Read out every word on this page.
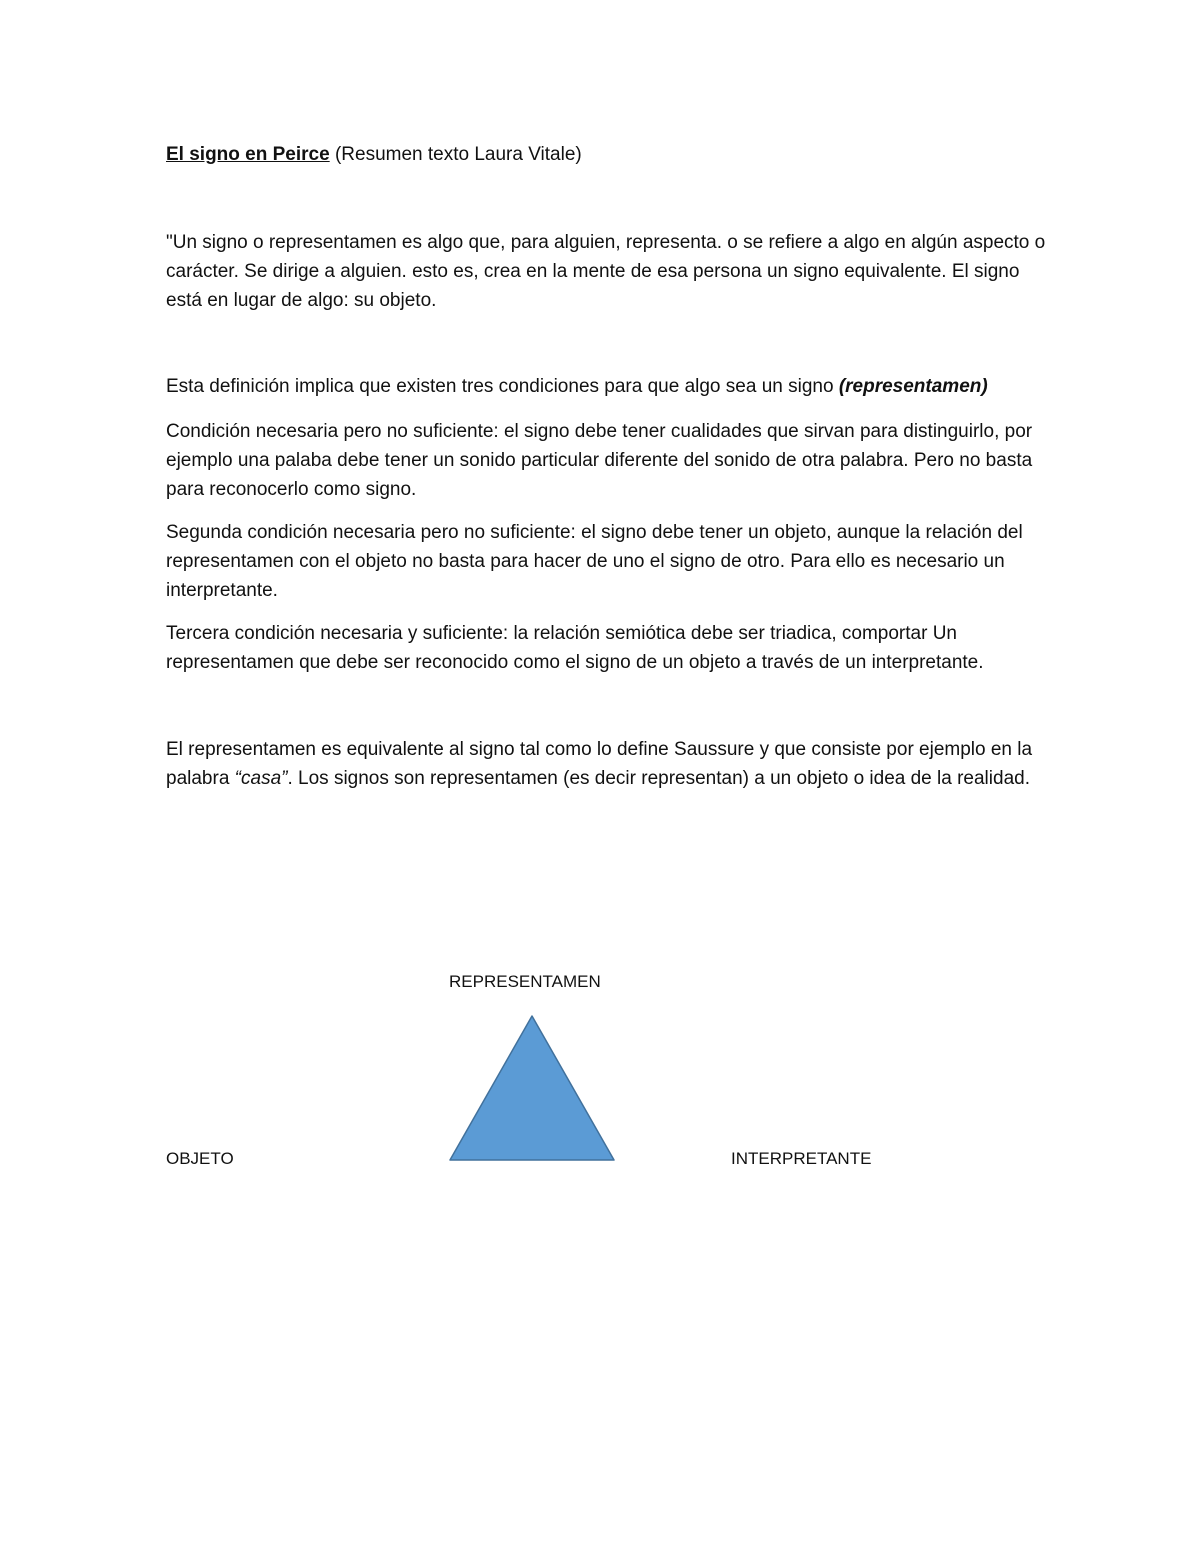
El signo en Peirce (Resumen texto Laura Vitale)

"Un signo o representamen es algo que, para alguien, representa. o se refiere a algo en algún aspecto o carácter. Se dirige a alguien. esto es, crea en la mente de esa persona un signo equivalente. El signo está en lugar de algo: su objeto.

Esta definición implica que existen tres condiciones para que algo sea un signo (representamen)

Condición necesaria pero no suficiente: el signo debe tener cualidades que sirvan para distinguirlo, por ejemplo una palaba debe tener un sonido particular diferente del sonido de otra palabra. Pero no basta para reconocerlo como signo.

Segunda condición necesaria pero no suficiente: el signo debe tener un objeto, aunque la relación del representamen con el objeto no basta para hacer de uno el signo de otro. Para ello es necesario un interpretante.

Tercera condición necesaria y suficiente: la relación semiótica debe ser triadica, comportar Un representamen que debe ser reconocido como el signo de un objeto a través de un interpretante.

El representamen es equivalente al signo tal como lo define Saussure y que consiste por ejemplo en la palabra “casa”. Los signos son representamen (es decir representan) a un objeto o idea de la realidad.

REPRESENTAMEN
OBJETO	INTERPRETANTE
